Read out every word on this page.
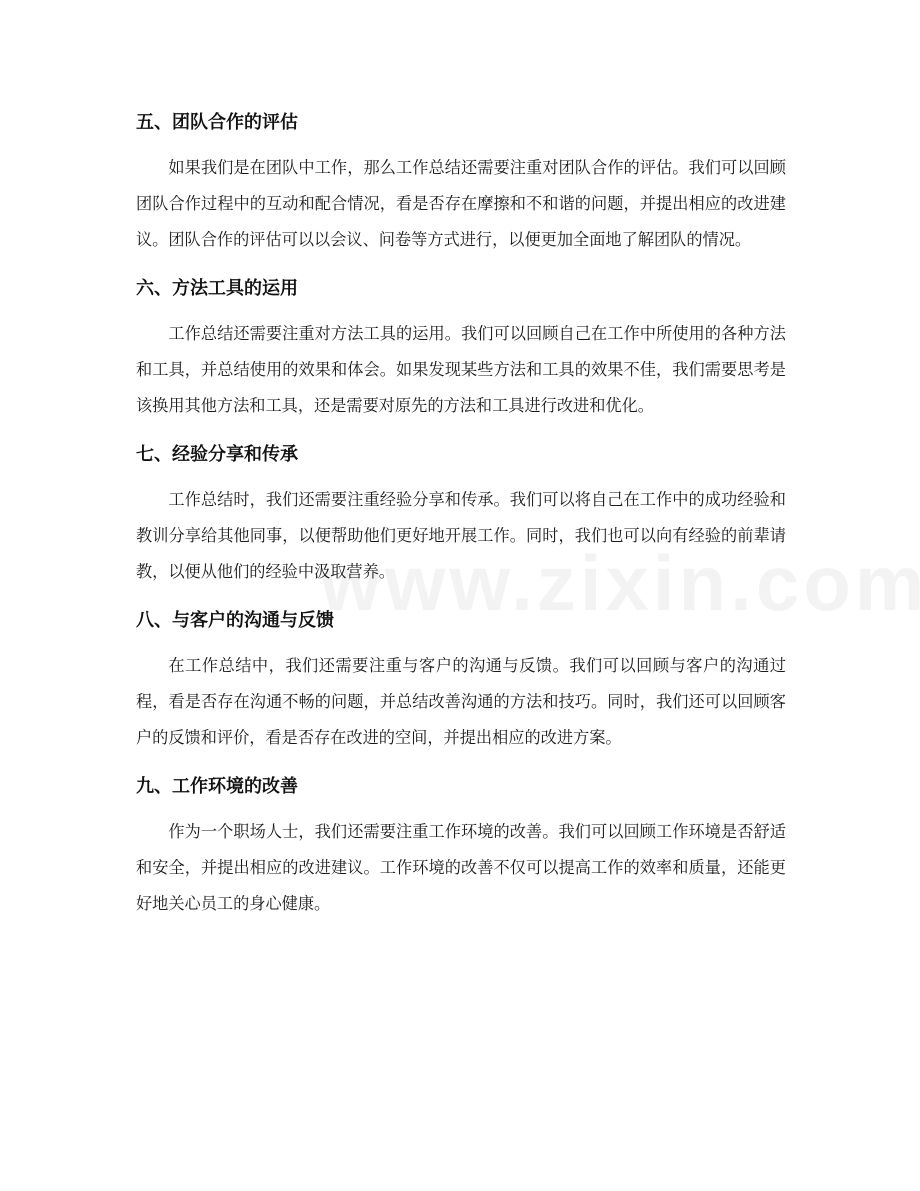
五、团队合作的评估

如果我们是在团队中工作，那么工作总结还需要注重对团队合作的评估。我们可以回顾团队合作过程中的互动和配合情况，看是否存在摩擦和不和谐的问题，并提出相应的改进建议。团队合作的评估可以以会议、问卷等方式进行，以便更加全面地了解团队的情况。

六、方法工具的运用

工作总结还需要注重对方法工具的运用。我们可以回顾自己在工作中所使用的各种方法和工具，并总结使用的效果和体会。如果发现某些方法和工具的效果不佳，我们需要思考是该换用其他方法和工具，还是需要对原先的方法和工具进行改进和优化。

七、经验分享和传承

工作总结时，我们还需要注重经验分享和传承。我们可以将自己在工作中的成功经验和教训分享给其他同事，以便帮助他们更好地开展工作。同时，我们也可以向有经验的前辈请教，以便从他们的经验中汲取营养。

八、与客户的沟通与反馈

在工作总结中，我们还需要注重与客户的沟通与反馈。我们可以回顾与客户的沟通过程，看是否存在沟通不畅的问题，并总结改善沟通的方法和技巧。同时，我们还可以回顾客户的反馈和评价，看是否存在改进的空间，并提出相应的改进方案。

九、工作环境的改善

作为一个职场人士，我们还需要注重工作环境的改善。我们可以回顾工作环境是否舒适和安全，并提出相应的改进建议。工作环境的改善不仅可以提高工作的效率和质量，还能更好地关心员工的身心健康。
